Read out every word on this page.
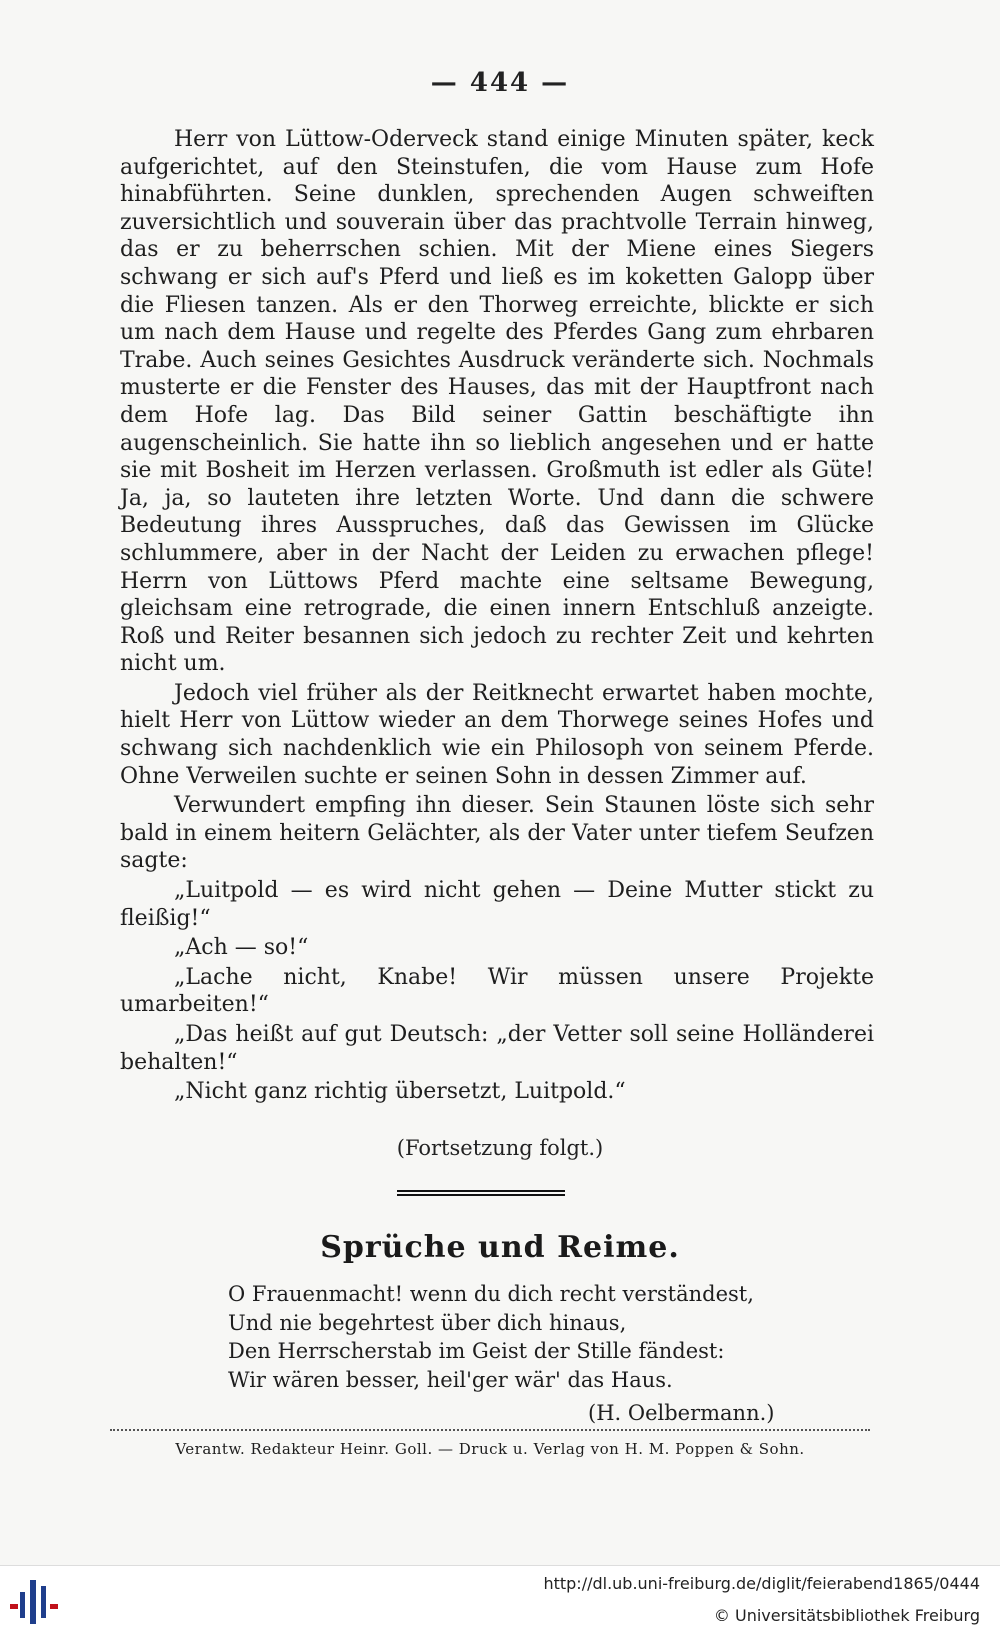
— 444 —

Herr von Lüttow-Oderveck stand einige Minuten später, keck aufgerichtet, auf den Steinstufen, die vom Hause zum Hofe hinabführten. Seine dunklen, sprechenden Augen schweiften zuversichtlich und souverain über das prachtvolle Terrain hinweg, das er zu beherrschen schien. Mit der Miene eines Siegers schwang er sich auf's Pferd und ließ es im koketten Galopp über die Fliesen tanzen. Als er den Thorweg erreichte, blickte er sich um nach dem Hause und regelte des Pferdes Gang zum ehrbaren Trabe. Auch seines Gesichtes Ausdruck veränderte sich. Nochmals musterte er die Fenster des Hauses, das mit der Hauptfront nach dem Hofe lag. Das Bild seiner Gattin beschäftigte ihn augenscheinlich. Sie hatte ihn so lieblich angesehen und er hatte sie mit Bosheit im Herzen verlassen. Großmuth ist edler als Güte! Ja, ja, so lauteten ihre letzten Worte. Und dann die schwere Bedeutung ihres Ausspruches, daß das Gewissen im Glücke schlummere, aber in der Nacht der Leiden zu erwachen pflege! Herrn von Lüttows Pferd machte eine seltsame Bewegung, gleichsam eine retrograde, die einen innern Entschluß anzeigte. Roß und Reiter besannen sich jedoch zu rechter Zeit und kehrten nicht um.

Jedoch viel früher als der Reitknecht erwartet haben mochte, hielt Herr von Lüttow wieder an dem Thorwege seines Hofes und schwang sich nachdenklich wie ein Philosoph von seinem Pferde. Ohne Verweilen suchte er seinen Sohn in dessen Zimmer auf.

Verwundert empfing ihn dieser. Sein Staunen löste sich sehr bald in einem heitern Gelächter, als der Vater unter tiefem Seufzen sagte:

„Luitpold — es wird nicht gehen — Deine Mutter stickt zu fleißig!“

„Ach — so!“

„Lache nicht, Knabe! Wir müssen unsere Projekte umarbeiten!“

„Das heißt auf gut Deutsch: „der Vetter soll seine Holländerei behalten!“

„Nicht ganz richtig übersetzt, Luitpold.“

(Fortsetzung folgt.)
Sprüche und Reime.
O Frauenmacht! wenn du dich recht verständest,
Und nie begehrtest über dich hinaus,
Den Herrscherstab im Geist der Stille fändest:
Wir wären besser, heil'ger wär' das Haus.
(H. Oelbermann.)
Verantw. Redakteur Heinr. Goll. — Druck u. Verlag von H. M. Poppen & Sohn.
http://dl.ub.uni-freiburg.de/diglit/feierabend1865/0444
© Universitätsbibliothek Freiburg
